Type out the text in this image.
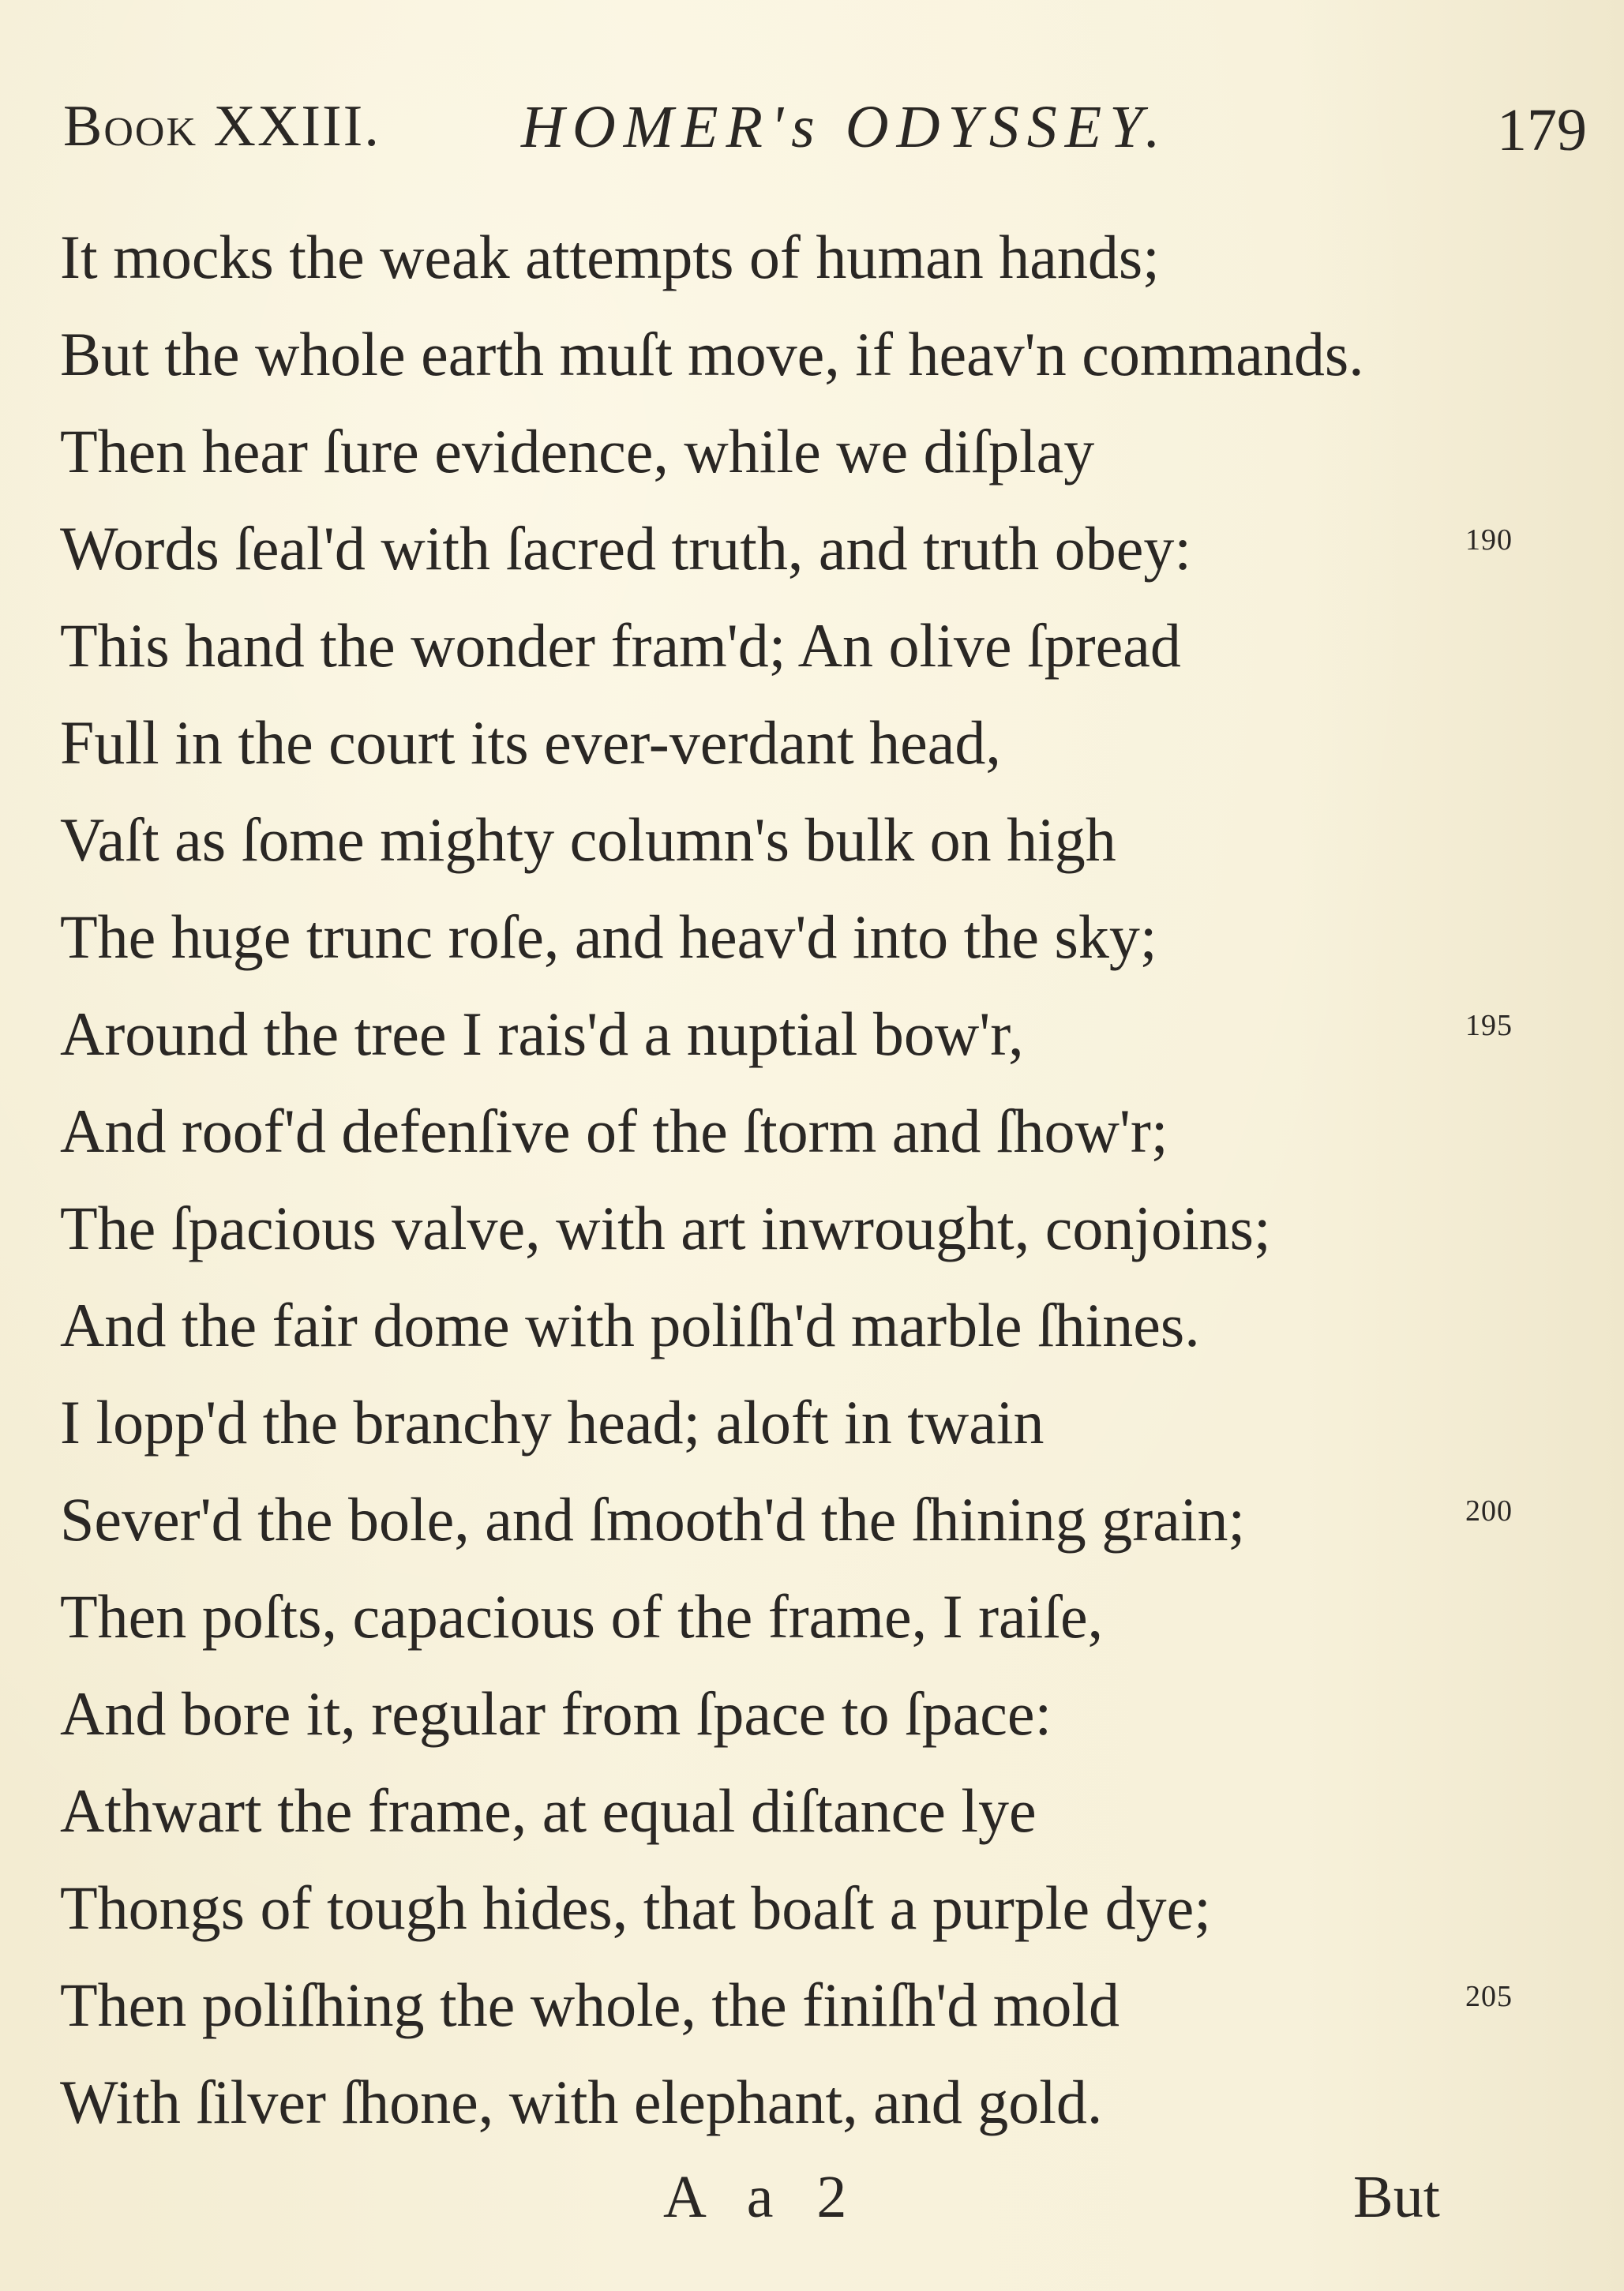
Book XXIII. HOMER's ODYSSEY.	179
It mocks the weak attempts of human hands;
But the whole earth muſt move, if heav'n commands.
Then hear ſure evidence, while we diſplay
Words ſeal'd with ſacred truth, and truth obey:	190
This hand the wonder fram'd; An olive ſpread
Full in the court its ever-verdant head,
Vaſt as ſome mighty column's bulk on high
The huge trunc roſe, and heav'd into the sky;
Around the tree I rais'd a nuptial bow'r,	195
And roof'd defenſive of the ſtorm and ſhow'r;
The ſpacious valve, with art inwrought, conjoins;
And the fair dome with poliſh'd marble ſhines.
I lopp'd the branchy head; aloft in twain
Sever'd the bole, and ſmooth'd the ſhining grain;	200
Then poſts, capacious of the frame, I raiſe,
And bore it, regular from ſpace to ſpace:
Athwart the frame, at equal diſtance lye
Thongs of tough hides, that boaſt a purple dye;
Then poliſhing the whole, the finiſh'd mold	205
With ſilver ſhone, with elephant, and gold.
A a 2	But
